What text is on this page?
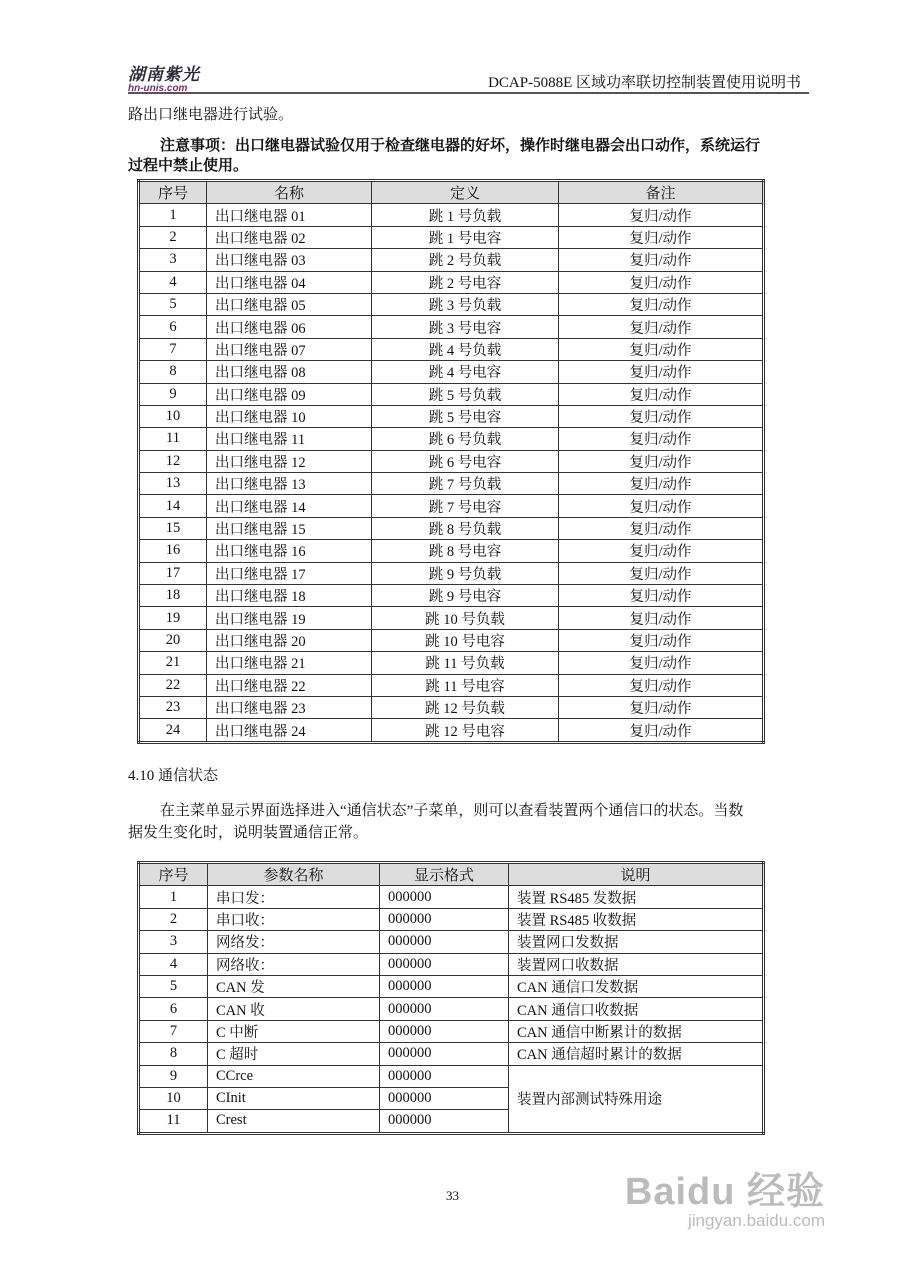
湖南紫光
hn-unis.com	DCAP-5088E 区域功率联切控制装置使用说明书
路出口继电器进行试验。
注意事项：出口继电器试验仅用于检查继电器的好坏，操作时继电器会出口动作，系统运行
过程中禁止使用。
序号	名称	定义	备注
1	出口继电器 01	跳 1 号负载	复归/动作
2	出口继电器 02	跳 1 号电容	复归/动作
3	出口继电器 03	跳 2 号负载	复归/动作
4	出口继电器 04	跳 2 号电容	复归/动作
5	出口继电器 05	跳 3 号负载	复归/动作
6	出口继电器 06	跳 3 号电容	复归/动作
7	出口继电器 07	跳 4 号负载	复归/动作
8	出口继电器 08	跳 4 号电容	复归/动作
9	出口继电器 09	跳 5 号负载	复归/动作
10	出口继电器 10	跳 5 号电容	复归/动作
11	出口继电器 11	跳 6 号负载	复归/动作
12	出口继电器 12	跳 6 号电容	复归/动作
13	出口继电器 13	跳 7 号负载	复归/动作
14	出口继电器 14	跳 7 号电容	复归/动作
15	出口继电器 15	跳 8 号负载	复归/动作
16	出口继电器 16	跳 8 号电容	复归/动作
17	出口继电器 17	跳 9 号负载	复归/动作
18	出口继电器 18	跳 9 号电容	复归/动作
19	出口继电器 19	跳 10 号负载	复归/动作
20	出口继电器 20	跳 10 号电容	复归/动作
21	出口继电器 21	跳 11 号负载	复归/动作
22	出口继电器 22	跳 11 号电容	复归/动作
23	出口继电器 23	跳 12 号负载	复归/动作
24	出口继电器 24	跳 12 号电容	复归/动作
4.10 通信状态
在主菜单显示界面选择进入“通信状态”子菜单，则可以查看装置两个通信口的状态。当数
据发生变化时，说明装置通信正常。
序号	参数名称	显示格式	说明
1	串口发：	000000	装置 RS485 发数据
2	串口收：	000000	装置 RS485 收数据
3	网络发：	000000	装置网口发数据
4	网络收：	000000	装置网口收数据
5	CAN 发	000000	CAN 通信口发数据
6	CAN 收	000000	CAN 通信口收数据
7	C 中断	000000	CAN 通信中断累计的数据
8	C 超时	000000	CAN 通信超时累计的数据
9	CCrce	000000	装置内部测试特殊用途
10	CInit	000000	
11	Crest	000000	
33	Baidu 经验
jingyan.baidu.com
